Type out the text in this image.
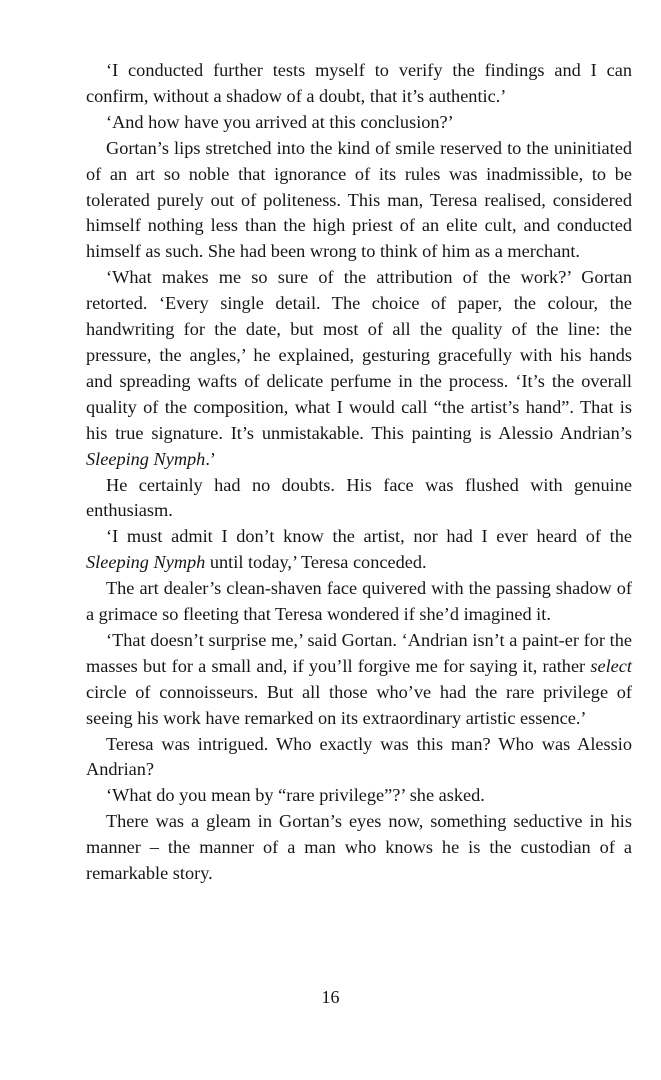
‘I conducted further tests myself to verify the findings and I can confirm, without a shadow of a doubt, that it’s authentic.’

‘And how have you arrived at this conclusion?’

Gortan’s lips stretched into the kind of smile reserved to the uninitiated of an art so noble that ignorance of its rules was inadmissible, to be tolerated purely out of politeness. This man, Teresa realised, considered himself nothing less than the high priest of an elite cult, and conducted himself as such. She had been wrong to think of him as a merchant.

‘What makes me so sure of the attribution of the work?’ Gortan retorted. ‘Every single detail. The choice of paper, the colour, the handwriting for the date, but most of all the quality of the line: the pressure, the angles,’ he explained, gesturing gracefully with his hands and spreading wafts of delicate perfume in the process. ‘It’s the overall quality of the composition, what I would call “the artist’s hand”. That is his true signature. It’s unmistakable. This painting is Alessio Andrian’s Sleeping Nymph.’

He certainly had no doubts. His face was flushed with genuine enthusiasm.

‘I must admit I don’t know the artist, nor had I ever heard of the Sleeping Nymph until today,’ Teresa conceded.

The art dealer’s clean-shaven face quivered with the passing shadow of a grimace so fleeting that Teresa wondered if she’d imagined it.

‘That doesn’t surprise me,’ said Gortan. ‘Andrian isn’t a paint-er for the masses but for a small and, if you’ll forgive me for saying it, rather select circle of connoisseurs. But all those who’ve had the rare privilege of seeing his work have remarked on its extraordinary artistic essence.’

Teresa was intrigued. Who exactly was this man? Who was Alessio Andrian?

‘What do you mean by “rare privilege”?’ she asked.

There was a gleam in Gortan’s eyes now, something seductive in his manner – the manner of a man who knows he is the custodian of a remarkable story.

16
